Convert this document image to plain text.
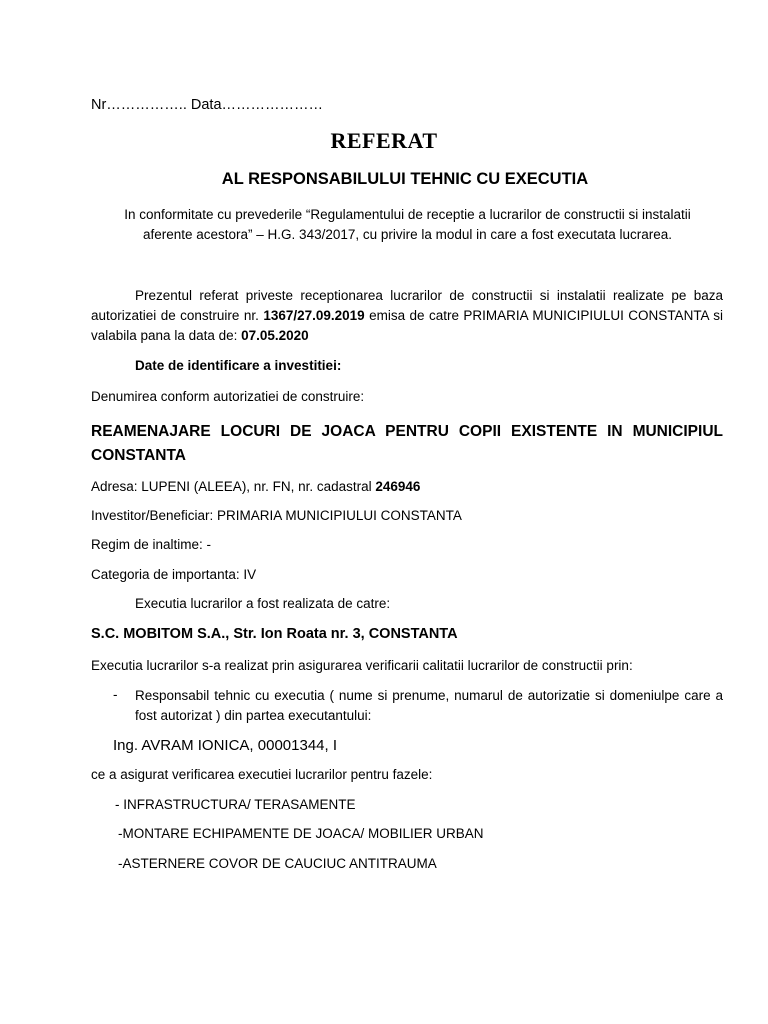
Nr…………….. Data…………………
REFERAT
AL RESPONSABILULUI TEHNIC CU EXECUTIA
In conformitate cu prevederile “Regulamentului de receptie a lucrarilor de constructii si instalatii aferente acestora” – H.G. 343/2017, cu privire la modul in care a fost executata lucrarea.
Prezentul referat priveste receptionarea lucrarilor de constructii si instalatii realizate pe baza autorizatiei de construire nr. 1367/27.09.2019 emisa de catre PRIMARIA MUNICIPIULUI CONSTANTA si valabila pana la data de: 07.05.2020
Date de identificare a investitiei:
Denumirea conform autorizatiei de construire:
REAMENAJARE LOCURI DE JOACA PENTRU COPII EXISTENTE IN MUNICIPIUL CONSTANTA
Adresa: LUPENI (ALEEA), nr. FN, nr. cadastral 246946
Investitor/Beneficiar: PRIMARIA MUNICIPIULUI CONSTANTA
Regim de inaltime: -
Categoria de importanta: IV
Executia lucrarilor a fost realizata de catre:
S.C. MOBITOM S.A., Str. Ion Roata nr. 3, CONSTANTA
Executia lucrarilor s-a realizat prin asigurarea verificarii calitatii lucrarilor de constructii prin:
- Responsabil tehnic cu executia ( nume si prenume, numarul de autorizatie si domeniulpe care a fost autorizat ) din partea executantului:
Ing. AVRAM IONICA, 00001344, I
ce a asigurat verificarea executiei lucrarilor pentru fazele:
- INFRASTRUCTURA/ TERASAMENTE
-MONTARE ECHIPAMENTE DE JOACA/ MOBILIER URBAN
-ASTERNERE COVOR DE CAUCIUC ANTITRAUMA
